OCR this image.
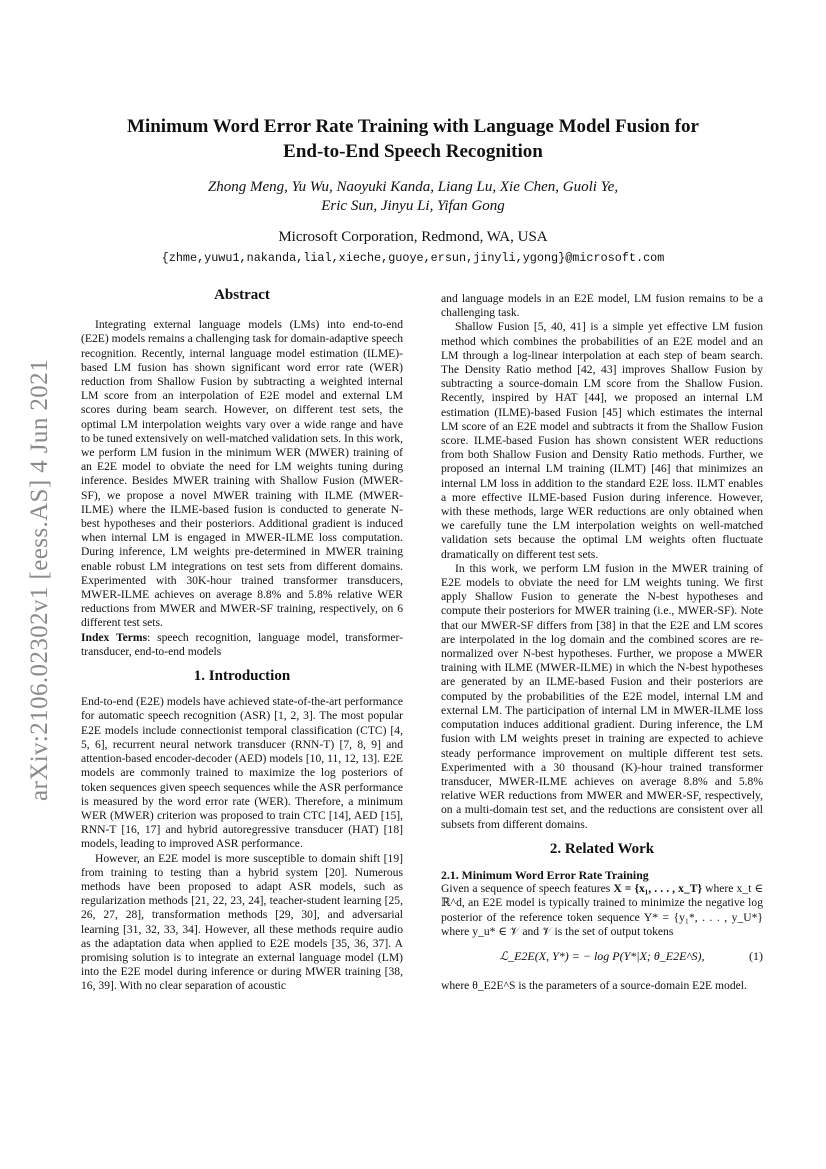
arXiv:2106.02302v1 [eess.AS] 4 Jun 2021
Minimum Word Error Rate Training with Language Model Fusion for
End-to-End Speech Recognition
Zhong Meng, Yu Wu, Naoyuki Kanda, Liang Lu, Xie Chen, Guoli Ye,
Eric Sun, Jinyu Li, Yifan Gong
Microsoft Corporation, Redmond, WA, USA
{zhme,yuwu1,nakanda,lial,xieche,guoye,ersun,jinyli,ygong}@microsoft.com
Abstract

Integrating external language models (LMs) into end-to-end (E2E) models remains a challenging task for domain-adaptive speech recognition. Recently, internal language model estimation (ILME)-based LM fusion has shown significant word error rate (WER) reduction from Shallow Fusion by subtracting a weighted internal LM score from an interpolation of E2E model and external LM scores during beam search. However, on different test sets, the optimal LM interpolation weights vary over a wide range and have to be tuned extensively on well-matched validation sets. In this work, we perform LM fusion in the minimum WER (MWER) training of an E2E model to obviate the need for LM weights tuning during inference. Besides MWER training with Shallow Fusion (MWER-SF), we propose a novel MWER training with ILME (MWER-ILME) where the ILME-based fusion is conducted to generate N-best hypotheses and their posteriors. Additional gradient is induced when internal LM is engaged in MWER-ILME loss computation. During inference, LM weights pre-determined in MWER training enable robust LM integrations on test sets from different domains. Experimented with 30K-hour trained transformer transducers, MWER-ILME achieves on average 8.8% and 5.8% relative WER reductions from MWER and MWER-SF training, respectively, on 6 different test sets.

Index Terms: speech recognition, language model, transformer-transducer, end-to-end models

1. Introduction

End-to-end (E2E) models have achieved state-of-the-art performance for automatic speech recognition (ASR) [1, 2, 3]. The most popular E2E models include connectionist temporal classification (CTC) [4, 5, 6], recurrent neural network transducer (RNN-T) [7, 8, 9] and attention-based encoder-decoder (AED) models [10, 11, 12, 13]. E2E models are commonly trained to maximize the log posteriors of token sequences given speech sequences while the ASR performance is measured by the word error rate (WER). Therefore, a minimum WER (MWER) criterion was proposed to train CTC [14], AED [15], RNN-T [16, 17] and hybrid autoregressive transducer (HAT) [18] models, leading to improved ASR performance.

However, an E2E model is more susceptible to domain shift [19] from training to testing than a hybrid system [20]. Numerous methods have been proposed to adapt ASR models, such as regularization methods [21, 22, 23, 24], teacher-student learning [25, 26, 27, 28], transformation methods [29, 30], and adversarial learning [31, 32, 33, 34]. However, all these methods require audio as the adaptation data when applied to E2E models [35, 36, 37]. A promising solution is to integrate an external language model (LM) into the E2E model during inference or during MWER training [38, 16, 39]. With no clear separation of acoustic

and language models in an E2E model, LM fusion remains to be a challenging task.

Shallow Fusion [5, 40, 41] is a simple yet effective LM fusion method which combines the probabilities of an E2E model and an LM through a log-linear interpolation at each step of beam search. The Density Ratio method [42, 43] improves Shallow Fusion by subtracting a source-domain LM score from the Shallow Fusion. Recently, inspired by HAT [44], we proposed an internal LM estimation (ILME)-based Fusion [45] which estimates the internal LM score of an E2E model and subtracts it from the Shallow Fusion score. ILME-based Fusion has shown consistent WER reductions from both Shallow Fusion and Density Ratio methods. Further, we proposed an internal LM training (ILMT) [46] that minimizes an internal LM loss in addition to the standard E2E loss. ILMT enables a more effective ILME-based Fusion during inference. However, with these methods, large WER reductions are only obtained when we carefully tune the LM interpolation weights on well-matched validation sets because the optimal LM weights often fluctuate dramatically on different test sets.

In this work, we perform LM fusion in the MWER training of E2E models to obviate the need for LM weights tuning. We first apply Shallow Fusion to generate the N-best hypotheses and compute their posteriors for MWER training (i.e., MWER-SF). Note that our MWER-SF differs from [38] in that the E2E and LM scores are interpolated in the log domain and the combined scores are re-normalized over N-best hypotheses. Further, we propose a MWER training with ILME (MWER-ILME) in which the N-best hypotheses are generated by an ILME-based Fusion and their posteriors are computed by the probabilities of the E2E model, internal LM and external LM. The participation of internal LM in MWER-ILME loss computation induces additional gradient. During inference, the LM fusion with LM weights preset in training are expected to achieve steady performance improvement on multiple different test sets. Experimented with a 30 thousand (K)-hour trained transformer transducer, MWER-ILME achieves on average 8.8% and 5.8% relative WER reductions from MWER and MWER-SF, respectively, on a multi-domain test set, and the reductions are consistent over all subsets from different domains.

2. Related Work
2.1. Minimum Word Error Rate Training

Given a sequence of speech features X = {x₁, . . . , x_T} where x_t ∈ ℝ^d, an E2E model is typically trained to minimize the negative log posterior of the reference token sequence Y* = {y₁*, . . . , y_U*} where y_u* ∈ 𝒱 and 𝒱 is the set of output tokens

ℒ_E2E(X, Y*) = − log P(Y*|X; θ_E2E^S),	(1)

where θ_E2E^S is the parameters of a source-domain E2E model.
